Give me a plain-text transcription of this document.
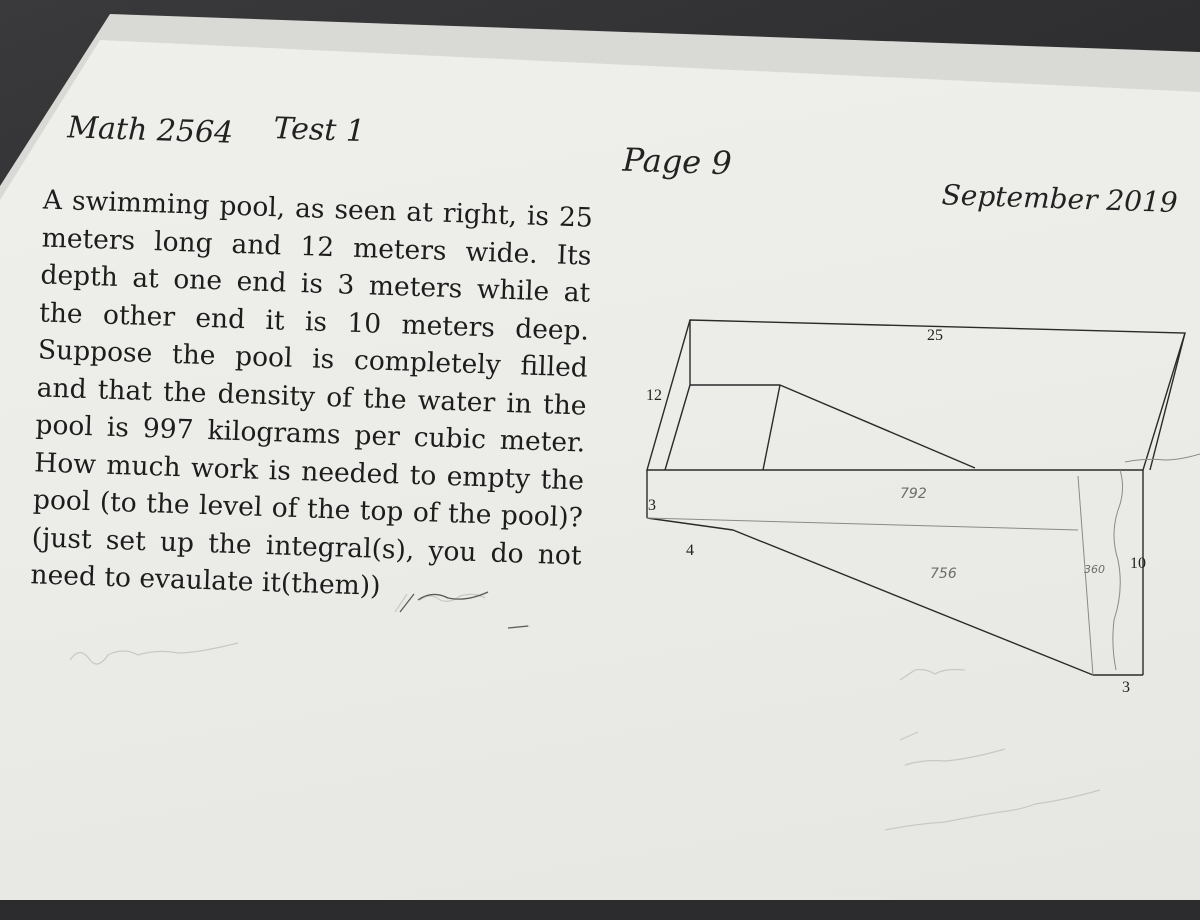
Math 2564 Test 1
Page 9
September 2019
A swimming pool, as seen at right, is 25 meters long and 12 meters wide. Its depth at one end is 3 meters while at the other end it is 10 meters deep. Suppose the pool is completely filled and that the density of the water in the pool is 997 kilograms per cubic meter. How much work is needed to empty the pool (to the level of the top of the pool)? (just set up the integral(s), you do not need to evaulate it(them))
25
12
3
4
10
3
792
756	360
